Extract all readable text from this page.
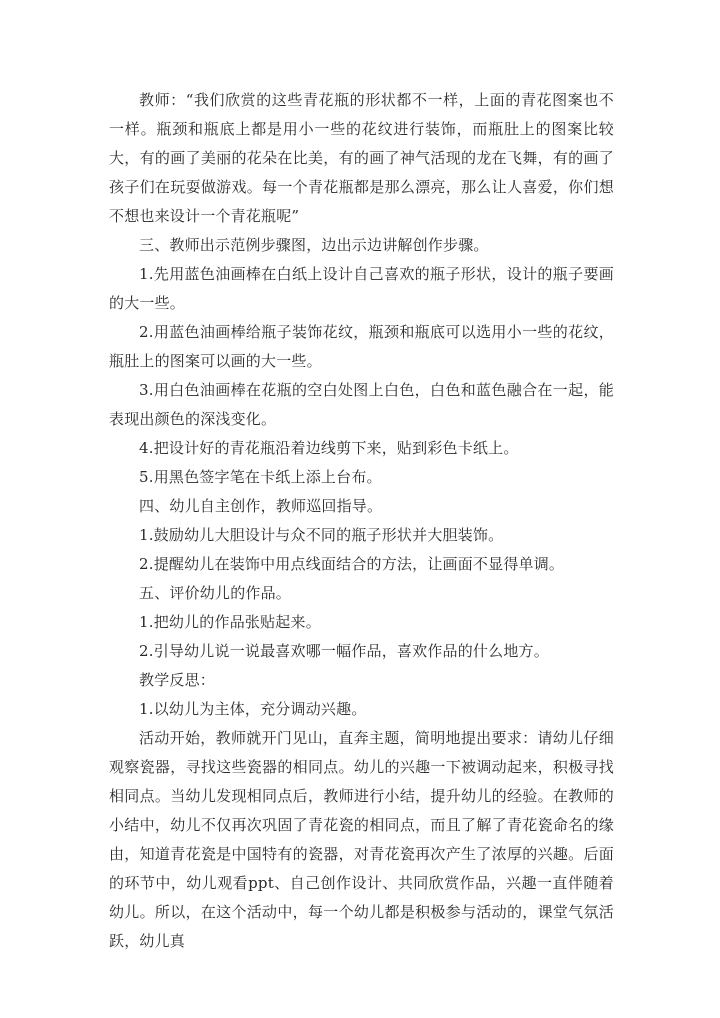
教师：“我们欣赏的这些青花瓶的形状都不一样，上面的青花图案也不一样。瓶颈和瓶底上都是用小一些的花纹进行装饰，而瓶肚上的图案比较大，有的画了美丽的花朵在比美，有的画了神气活现的龙在飞舞，有的画了孩子们在玩耍做游戏。每一个青花瓶都是那么漂亮，那么让人喜爱，你们想不想也来设计一个青花瓶呢”

三、教师出示范例步骤图，边出示边讲解创作步骤。

1.先用蓝色油画棒在白纸上设计自己喜欢的瓶子形状，设计的瓶子要画的大一些。

2.用蓝色油画棒给瓶子装饰花纹，瓶颈和瓶底可以选用小一些的花纹，瓶肚上的图案可以画的大一些。

3.用白色油画棒在花瓶的空白处图上白色，白色和蓝色融合在一起，能表现出颜色的深浅变化。

4.把设计好的青花瓶沿着边线剪下来，贴到彩色卡纸上。

5.用黑色签字笔在卡纸上添上台布。

四、幼儿自主创作，教师巡回指导。

1.鼓励幼儿大胆设计与众不同的瓶子形状并大胆装饰。

2.提醒幼儿在装饰中用点线面结合的方法，让画面不显得单调。

五、评价幼儿的作品。

1.把幼儿的作品张贴起来。

2.引导幼儿说一说最喜欢哪一幅作品，喜欢作品的什么地方。

教学反思：

1.以幼儿为主体，充分调动兴趣。

活动开始，教师就开门见山，直奔主题，简明地提出要求：请幼儿仔细观察瓷器，寻找这些瓷器的相同点。幼儿的兴趣一下被调动起来，积极寻找相同点。当幼儿发现相同点后，教师进行小结，提升幼儿的经验。在教师的小结中，幼儿不仅再次巩固了青花瓷的相同点，而且了解了青花瓷命名的缘由，知道青花瓷是中国特有的瓷器，对青花瓷再次产生了浓厚的兴趣。后面的环节中，幼儿观看ppt、自己创作设计、共同欣赏作品，兴趣一直伴随着幼儿。所以，在这个活动中，每一个幼儿都是积极参与活动的，课堂气氛活跃，幼儿真
